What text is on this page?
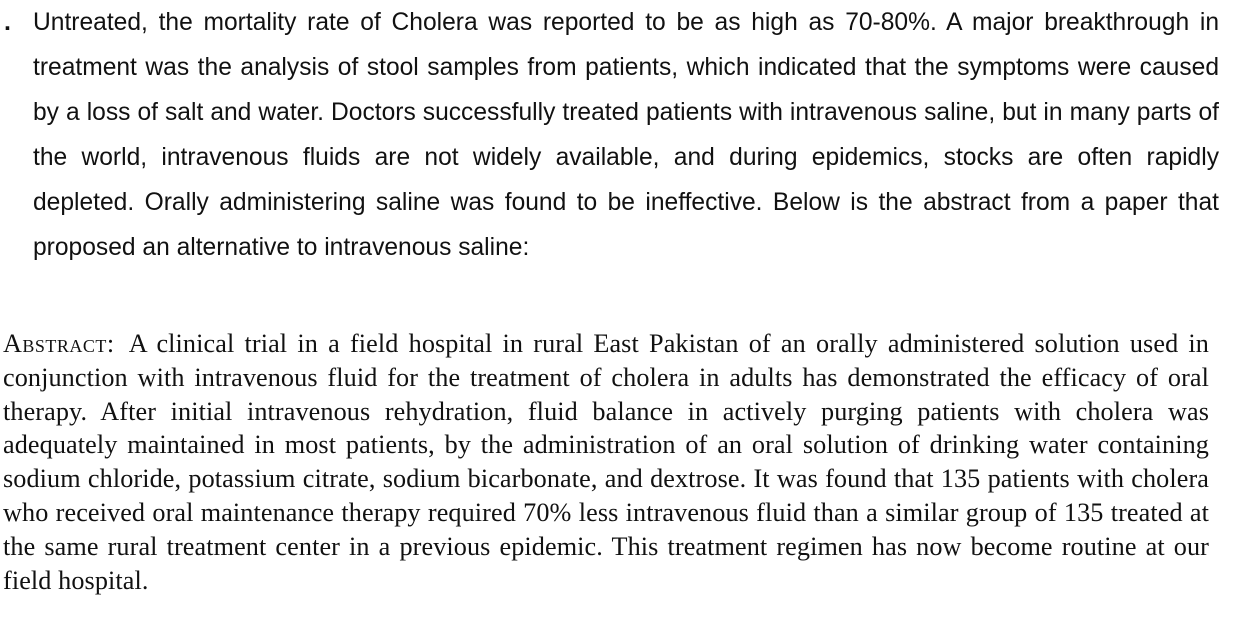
. Untreated, the mortality rate of Cholera was reported to be as high as 70-80%. A major breakthrough in treatment was the analysis of stool samples from patients, which indicated that the symptoms were caused by a loss of salt and water. Doctors successfully treated patients with intravenous saline, but in many parts of the world, intravenous fluids are not widely available, and during epidemics, stocks are often rapidly depleted. Orally administering saline was found to be ineffective. Below is the abstract from a paper that proposed an alternative to intravenous saline:

Abstract: A clinical trial in a field hospital in rural East Pakistan of an orally administered solution used in conjunction with intravenous fluid for the treatment of cholera in adults has demonstrated the efficacy of oral therapy. After initial intravenous rehydration, fluid balance in actively purging patients with cholera was adequately maintained in most patients, by the administration of an oral solution of drinking water containing sodium chloride, potassium citrate, sodium bicarbonate, and dextrose. It was found that 135 patients with cholera who received oral maintenance therapy required 70% less intravenous fluid than a similar group of 135 treated at the same rural treatment center in a previous epidemic. This treatment regimen has now become routine at our field hospital.
